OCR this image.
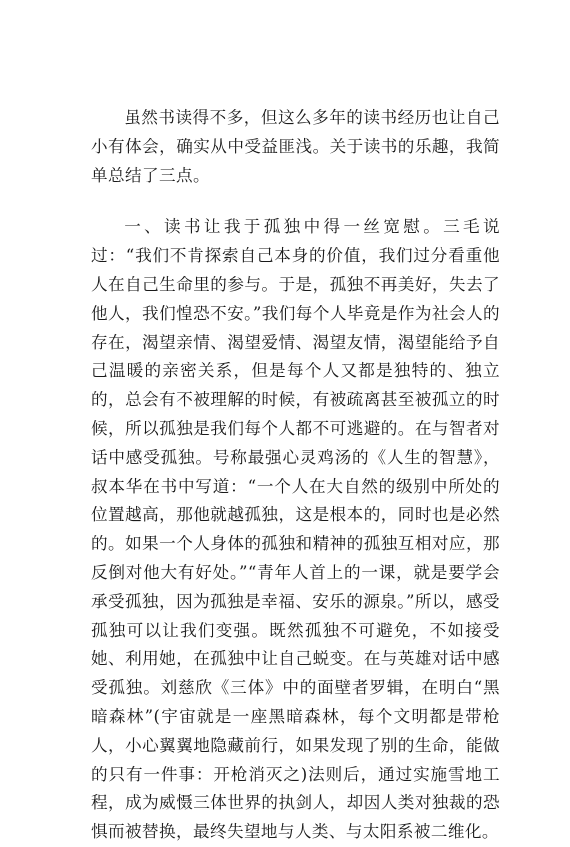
虽然书读得不多，但这么多年的读书经历也让自己小有体会，确实从中受益匪浅。关于读书的乐趣，我简单总结了三点。

一、读书让我于孤独中得一丝宽慰。三毛说过：“我们不肯探索自己本身的价值，我们过分看重他人在自己生命里的参与。于是，孤独不再美好，失去了他人，我们惶恐不安。”我们每个人毕竟是作为社会人的存在，渴望亲情、渴望爱情、渴望友情，渴望能给予自己温暖的亲密关系，但是每个人又都是独特的、独立的，总会有不被理解的时候，有被疏离甚至被孤立的时候，所以孤独是我们每个人都不可逃避的。在与智者对话中感受孤独。号称最强心灵鸡汤的《人生的智慧》，叔本华在书中写道：“一个人在大自然的级别中所处的位置越高，那他就越孤独，这是根本的，同时也是必然的。如果一个人身体的孤独和精神的孤独互相对应，那反倒对他大有好处。”“青年人首上的一课，就是要学会承受孤独，因为孤独是幸福、安乐的源泉。”所以，感受孤独可以让我们变强。既然孤独不可避免，不如接受她、利用她，在孤独中让自己蜕变。在与英雄对话中感受孤独。刘慈欣《三体》中的面壁者罗辑，在明白“黑暗森林”(宇宙就是一座黑暗森林，每个文明都是带枪人，小心翼翼地隐藏前行，如果发现了别的生命，能做的只有一件事：开枪消灭之)法则后，通过实施雪地工程，成为威慑三体世界的执剑人，却因人类对独裁的恐惧而被替换，最终失望地与人类、与太阳系被二维化。
